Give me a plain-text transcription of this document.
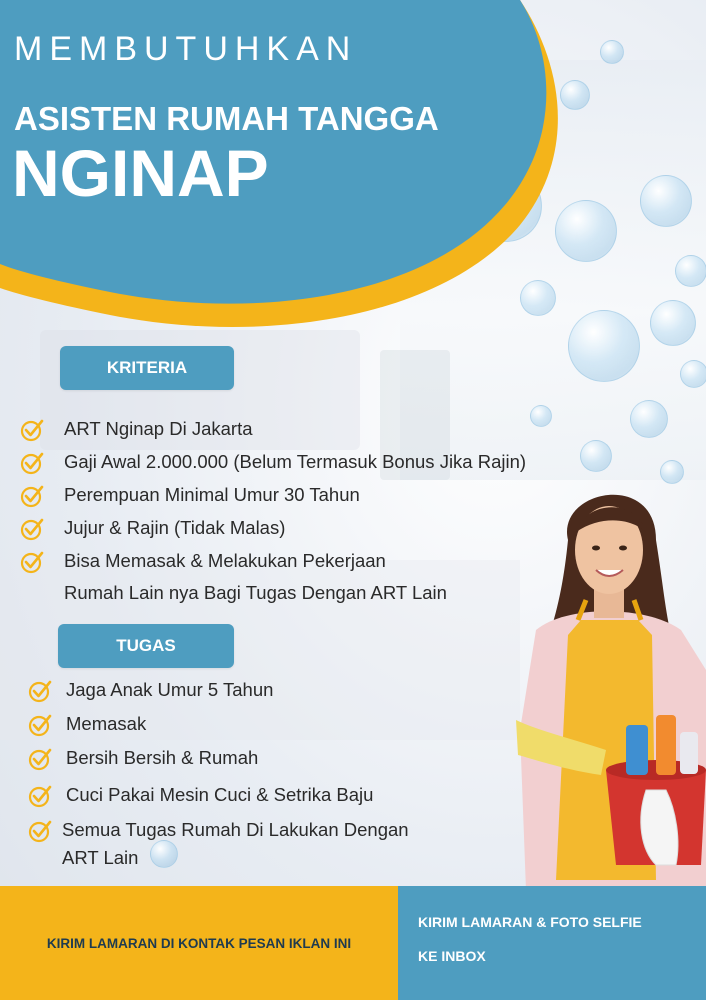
MEMBUTUHKAN
ASISTEN RUMAH TANGGA
NGINAP
KRITERIA
ART Nginap Di Jakarta
Gaji Awal 2.000.000 (Belum Termasuk Bonus Jika Rajin)
Perempuan Minimal Umur 30 Tahun
Jujur & Rajin (Tidak Malas)
Bisa Memasak & Melakukan Pekerjaan
Rumah Lain nya Bagi Tugas Dengan ART Lain
TUGAS
Jaga Anak Umur 5 Tahun
Memasak
Bersih Bersih & Rumah
Cuci Pakai Mesin Cuci & Setrika Baju
Semua Tugas Rumah Di Lakukan Dengan
ART Lain
KIRIM LAMARAN DI KONTAK PESAN IKLAN INI
KIRIM LAMARAN & FOTO SELFIE
KE INBOX
